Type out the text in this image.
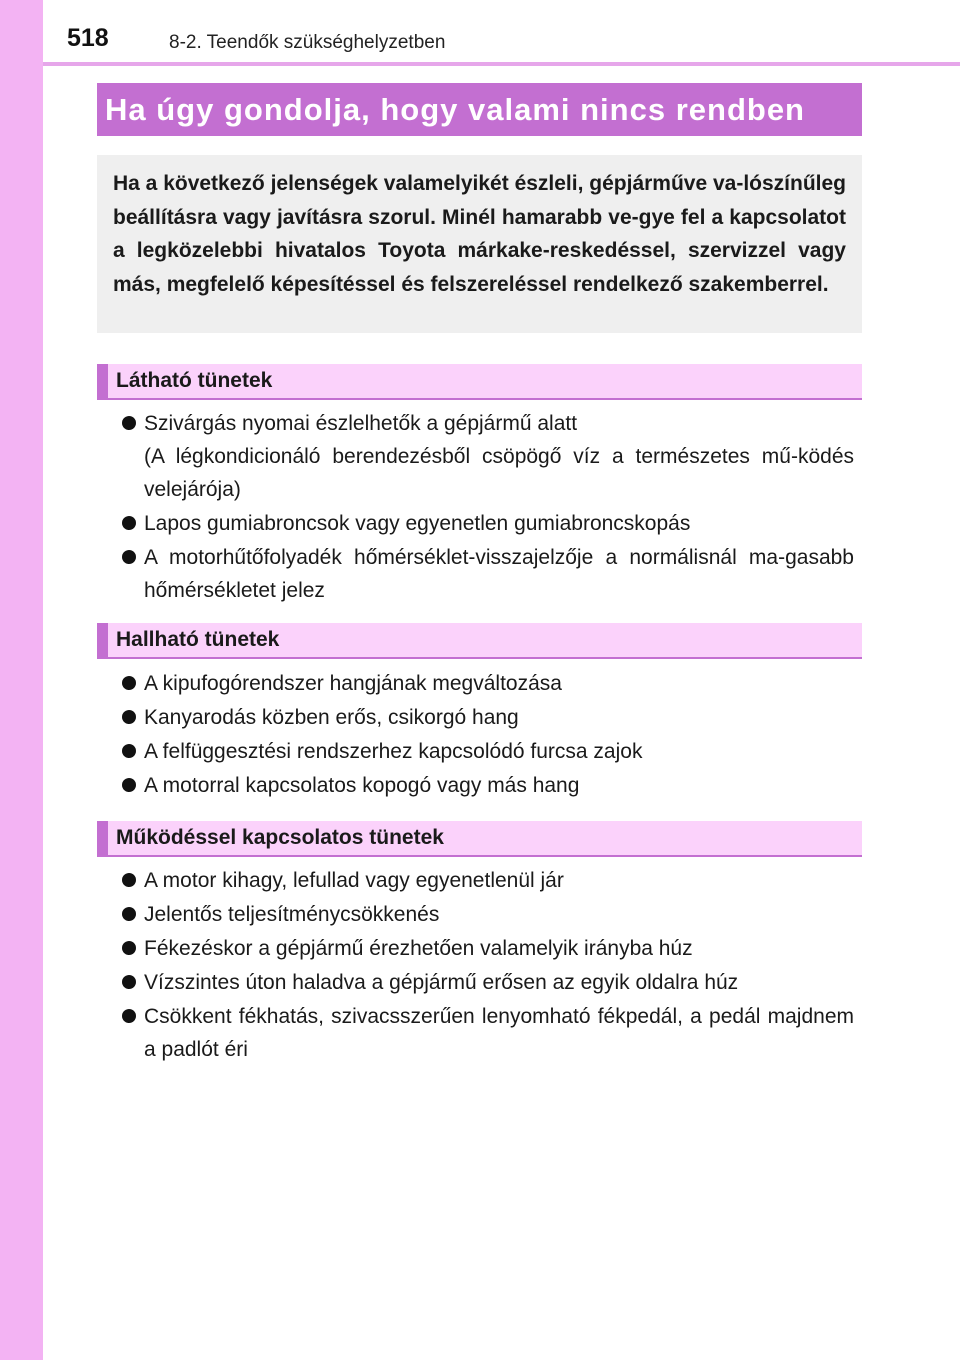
518	8-2. Teendők szükséghelyzetben
Ha úgy gondolja, hogy valami nincs rendben
Ha a következő jelenségek valamelyikét észleli, gépjárműve va-lószínűleg beállításra vagy javításra szorul. Minél hamarabb ve-gye fel a kapcsolatot a legközelebbi hivatalos Toyota márkake-reskedéssel, szervizzel vagy más, megfelelő képesítéssel és felszereléssel rendelkező szakemberrel.
Látható tünetek
Szivárgás nyomai észlelhetők a gépjármű alatt
(A légkondicionáló berendezésből csöpögő víz a természetes mű-ködés velejárója)
Lapos gumiabroncsok vagy egyenetlen gumiabroncskopás
A motorhűtőfolyadék hőmérséklet-visszajelzője a normálisnál ma-gasabb hőmérsékletet jelez
Hallható tünetek
A kipufogórendszer hangjának megváltozása
Kanyarodás közben erős, csikorgó hang
A felfüggesztési rendszerhez kapcsolódó furcsa zajok
A motorral kapcsolatos kopogó vagy más hang
Működéssel kapcsolatos tünetek
A motor kihagy, lefullad vagy egyenetlenül jár
Jelentős teljesítménycsökkenés
Fékezéskor a gépjármű érezhetően valamelyik irányba húz
Vízszintes úton haladva a gépjármű erősen az egyik oldalra húz
Csökkent fékhatás, szivacsszerűen lenyomható fékpedál, a pedál majdnem a padlót éri
